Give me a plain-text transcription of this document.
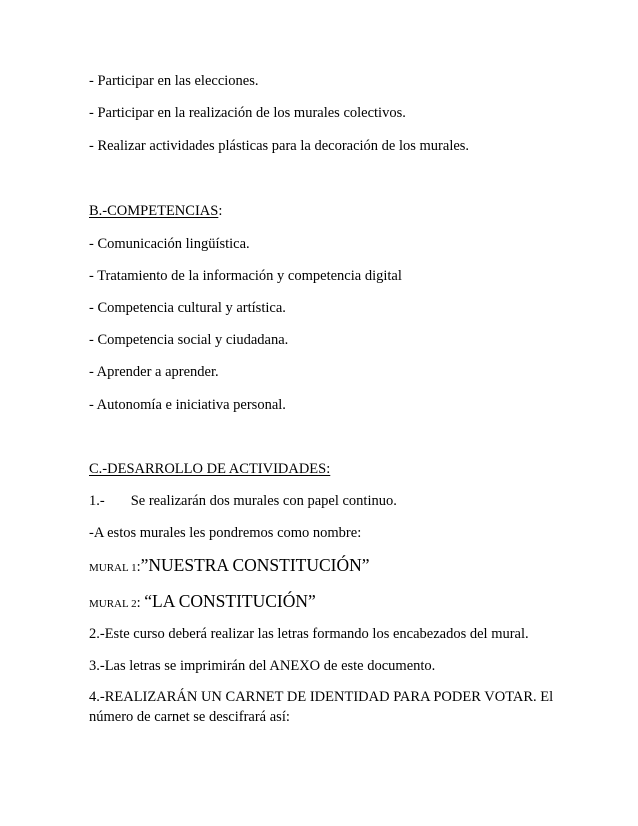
- Participar en las elecciones.
- Participar en la realización de los murales colectivos.
- Realizar actividades plásticas para la decoración de los murales.
B.-COMPETENCIAS:
- Comunicación lingüística.
- Tratamiento de la información y competencia digital
- Competencia cultural y artística.
- Competencia social y ciudadana.
- Aprender a aprender.
- Autonomía e iniciativa personal.
C.-DESARROLLO DE ACTIVIDADES:
1.- Se realizarán dos murales con papel continuo.
-A estos murales les pondremos como nombre:
MURAL 1:”NUESTRA CONSTITUCIÓN”
MURAL 2: “LA CONSTITUCIÓN”
2.-Este curso deberá realizar las letras formando los encabezados del mural.
3.-Las letras se imprimirán del ANEXO de este documento.
4.-REALIZARÁN UN CARNET DE IDENTIDAD PARA PODER VOTAR. El número de carnet se descifrará así:
